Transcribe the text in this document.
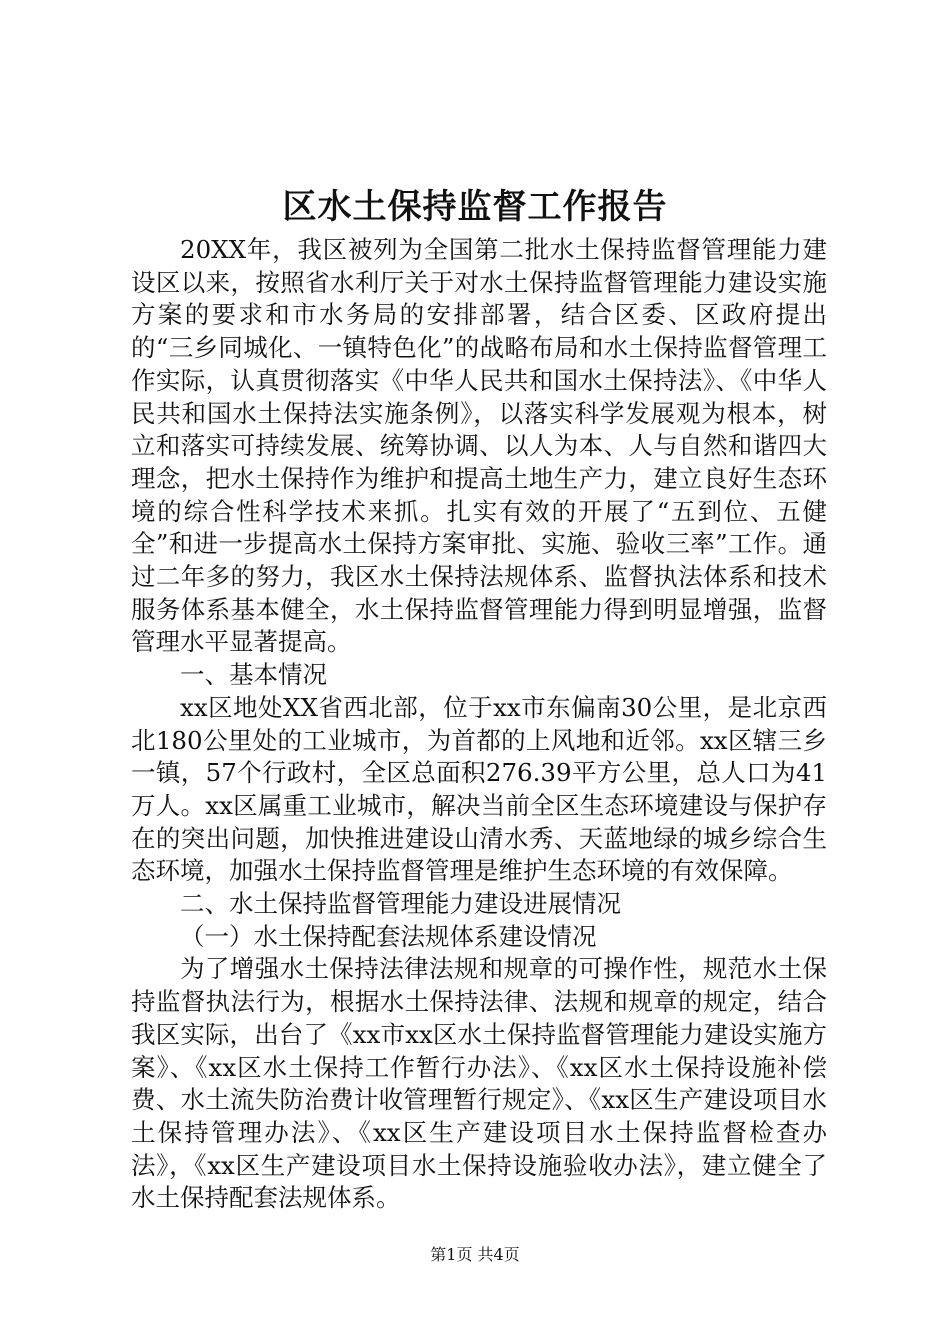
区水土保持监督工作报告

20XX年，我区被列为全国第二批水土保持监督管理能力建设区以来，按照省水利厅关于对水土保持监督管理能力建设实施方案的要求和市水务局的安排部署，结合区委、区政府提出的“三乡同城化、一镇特色化”的战略布局和水土保持监督管理工作实际，认真贯彻落实《中华人民共和国水土保持法》、《中华人民共和国水土保持法实施条例》，以落实科学发展观为根本，树立和落实可持续发展、统筹协调、以人为本、人与自然和谐四大理念，把水土保持作为维护和提高土地生产力，建立良好生态环境的综合性科学技术来抓。扎实有效的开展了“五到位、五健全”和进一步提高水土保持方案审批、实施、验收三率”工作。通过二年多的努力，我区水土保持法规体系、监督执法体系和技术服务体系基本健全，水土保持监督管理能力得到明显增强，监督管理水平显著提高。

一、基本情况

xx区地处XX省西北部，位于xx市东偏南30公里，是北京西北180公里处的工业城市，为首都的上风地和近邻。xx区辖三乡一镇，57个行政村，全区总面积276.39平方公里，总人口为41万人。xx区属重工业城市，解决当前全区生态环境建设与保护存在的突出问题，加快推进建设山清水秀、天蓝地绿的城乡综合生态环境，加强水土保持监督管理是维护生态环境的有效保障。

二、水土保持监督管理能力建设进展情况

（一）水土保持配套法规体系建设情况

为了增强水土保持法律法规和规章的可操作性，规范水土保持监督执法行为，根据水土保持法律、法规和规章的规定，结合我区实际，出台了《xx市xx区水土保持监督管理能力建设实施方案》、《xx区水土保持工作暂行办法》、《xx区水土保持设施补偿费、水土流失防治费计收管理暂行规定》、《xx区生产建设项目水土保持管理办法》、《xx区生产建设项目水土保持监督检查办法》，《xx区生产建设项目水土保持设施验收办法》，建立健全了水土保持配套法规体系。

第1页 共4页
